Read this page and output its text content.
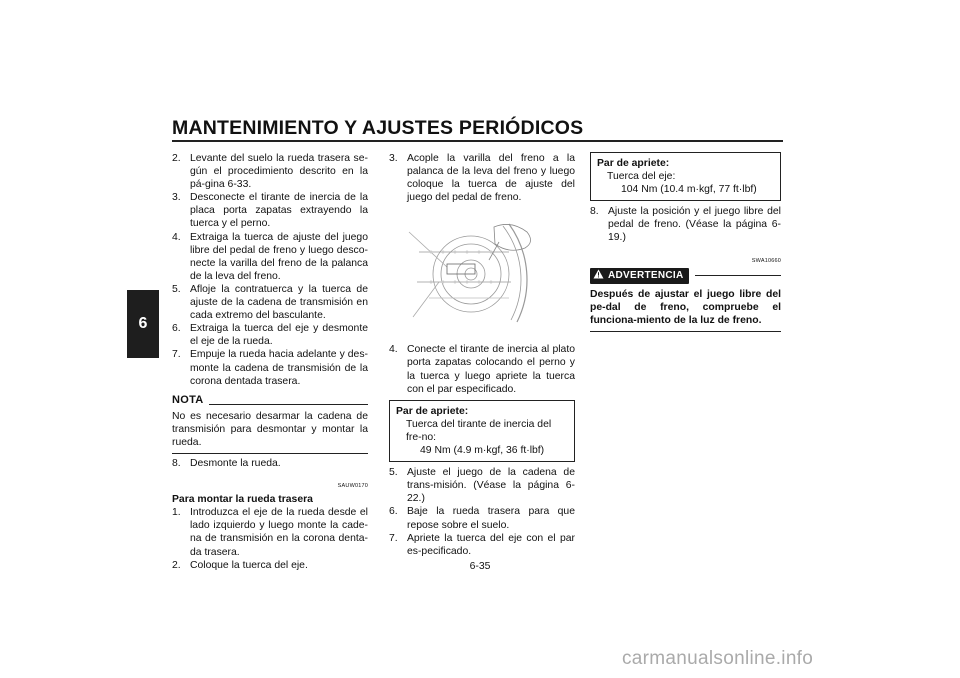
MANTENIMIENTO Y AJUSTES PERIÓDICOS
6
2. Levante del suelo la rueda trasera se-gún el procedimiento descrito en la pá-gina 6-33.
3. Desconecte el tirante de inercia de la placa porta zapatas extrayendo la tuerca y el perno.
4. Extraiga la tuerca de ajuste del juego libre del pedal de freno y luego desco-necte la varilla del freno de la palanca de la leva del freno.
5. Afloje la contratuerca y la tuerca de ajuste de la cadena de transmisión en cada extremo del basculante.
6. Extraiga la tuerca del eje y desmonte el eje de la rueda.
7. Empuje la rueda hacia adelante y des-monte la cadena de transmisión de la corona dentada trasera.
NOTA
No es necesario desarmar la cadena de transmisión para desmontar y montar la rueda.
8. Desmonte la rueda.
SAUW0170
Para montar la rueda trasera
1. Introduzca el eje de la rueda desde el lado izquierdo y luego monte la cade-na de transmisión en la corona denta-da trasera.
2. Coloque la tuerca del eje.
3. Acople la varilla del freno a la palanca de la leva del freno y luego coloque la tuerca de ajuste del juego del pedal de freno.
4. Conecte el tirante de inercia al plato porta zapatas colocando el perno y la tuerca y luego apriete la tuerca con el par especificado.
Par de apriete:
Tuerca del tirante de inercia del fre-no:
49 Nm (4.9 m·kgf, 36 ft·lbf)
5. Ajuste el juego de la cadena de trans-misión. (Véase la página 6-22.)
6. Baje la rueda trasera para que repose sobre el suelo.
7. Apriete la tuerca del eje con el par es-pecificado.
Par de apriete:
Tuerca del eje:
104 Nm (10.4 m·kgf, 77 ft·lbf)
8. Ajuste la posición y el juego libre del pedal de freno. (Véase la página 6-19.)
SWA10660
ADVERTENCIA
Después de ajustar el juego libre del pe-dal de freno, compruebe el funciona-miento de la luz de freno.
6-35
carmanualsonline.info
